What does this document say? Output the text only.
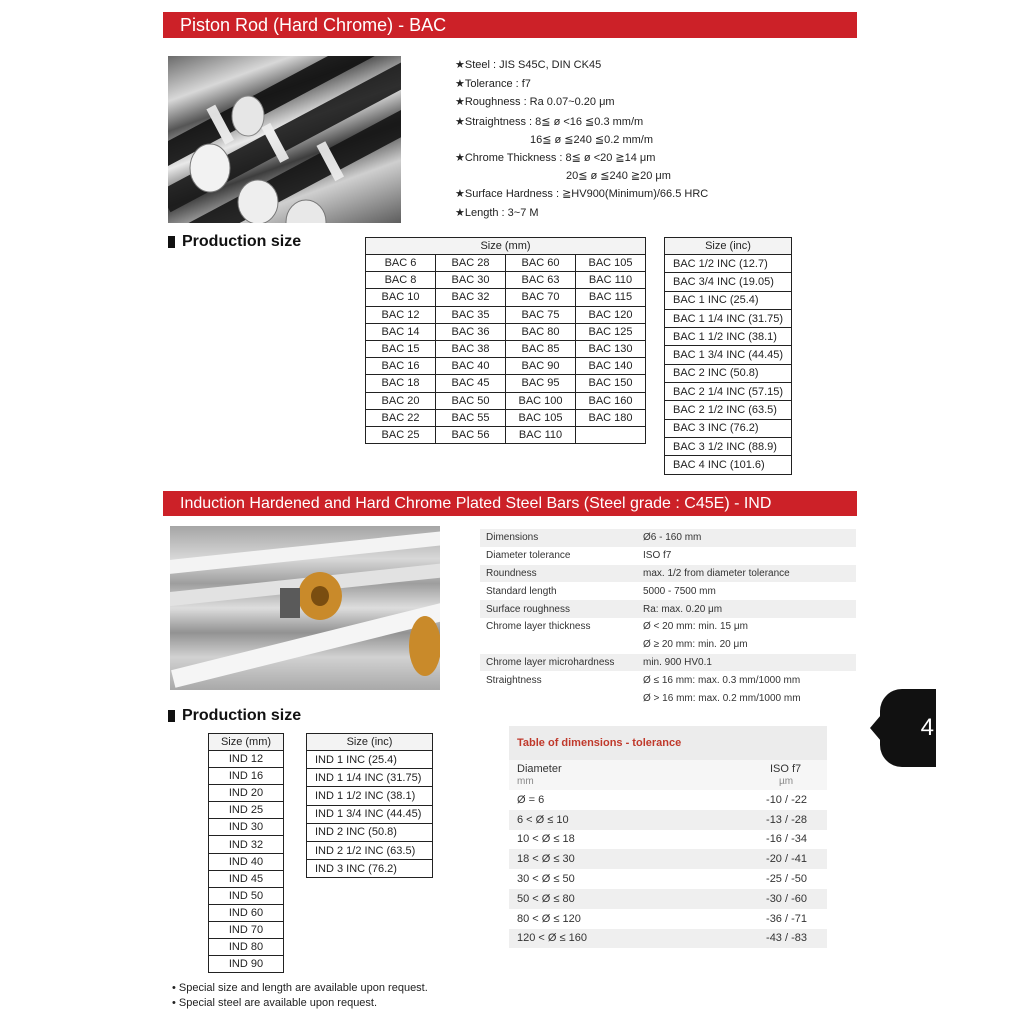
Piston Rod (Hard Chrome) - BAC
★Steel : JIS S45C, DIN CK45
★Tolerance : f7
★Roughness : Ra 0.07~0.20 μm
★Straightness : 8≦ ø <16 ≦0.3 mm/m
16≦ ø ≦240 ≦0.2 mm/m
★Chrome Thickness : 8≦ ø <20 ≧14 μm
20≦ ø ≦240 ≧20 μm
★Surface Hardness : ≧HV900(Minimum)/66.5 HRC
★Length : 3~7 M
Production size	Size (mm)			
BAC 6	BAC 28	BAC 60	BAC 105
BAC 8	BAC 30	BAC 63	BAC 110
BAC 10	BAC 32	BAC 70	BAC 115
BAC 12	BAC 35	BAC 75	BAC 120
BAC 14	BAC 36	BAC 80	BAC 125
BAC 15	BAC 38	BAC 85	BAC 130
BAC 16	BAC 40	BAC 90	BAC 140
BAC 18	BAC 45	BAC 95	BAC 150
BAC 20	BAC 50	BAC 100	BAC 160
BAC 22	BAC 55	BAC 105	BAC 180
BAC 25	BAC 56	BAC 110	
Size (inc)
BAC 1/2 INC (12.7)
BAC 3/4 INC (19.05)
BAC 1 INC (25.4)
BAC 1 1/4 INC (31.75)
BAC 1 1/2 INC (38.1)
BAC 1 3/4 INC (44.45)
BAC 2 INC (50.8)
BAC 2 1/4 INC (57.15)
BAC 2 1/2 INC (63.5)
BAC 3 INC (76.2)
BAC 3 1/2 INC (88.9)
BAC 4 INC (101.6)
Induction Hardened and Hard Chrome Plated Steel Bars (Steel grade : C45E) - IND
Dimensions	Ø6 - 160 mm
Diameter tolerance	ISO f7
Roundness	max. 1/2 from diameter tolerance
Standard length	5000 - 7500 mm
Surface roughness	Ra: max. 0.20 μm
Chrome layer thickness	Ø < 20 mm: min. 15 μm
Ø ≥ 20 mm: min. 20 μm
Chrome layer microhardness	min. 900 HV0.1
Straightness	Ø ≤ 16 mm: max. 0.3 mm/1000 mm
Ø > 16 mm: max. 0.2 mm/1000 mm
Production size
Size (mm)
IND 12
IND 16
IND 20
IND 25
IND 30
IND 32
IND 40
IND 45
IND 50
IND 60
IND 70
IND 80
IND 90
Size (inc)
IND 1 INC (25.4)
IND 1 1/4 INC (31.75)
IND 1 1/2 INC (38.1)
IND 1 3/4 INC (44.45)
IND 2 INC (50.8)
IND 2 1/2 INC (63.5)
IND 3 INC (76.2)
Table of dimensions - tolerance
Diameter
mm
ISO f7
µm
Ø = 6	-10 / -22
6 < Ø ≤ 10	-13 / -28
10 < Ø ≤ 18	-16 / -34
18 < Ø ≤ 30	-20 / -41
30 < Ø ≤ 50	-25 / -50
50 < Ø ≤ 80	-30 / -60
80 < Ø ≤ 120	-36 / -71
120 < Ø ≤ 160	-43 / -83
• Special size and length are available upon request.
• Special steel are available upon request.
4
